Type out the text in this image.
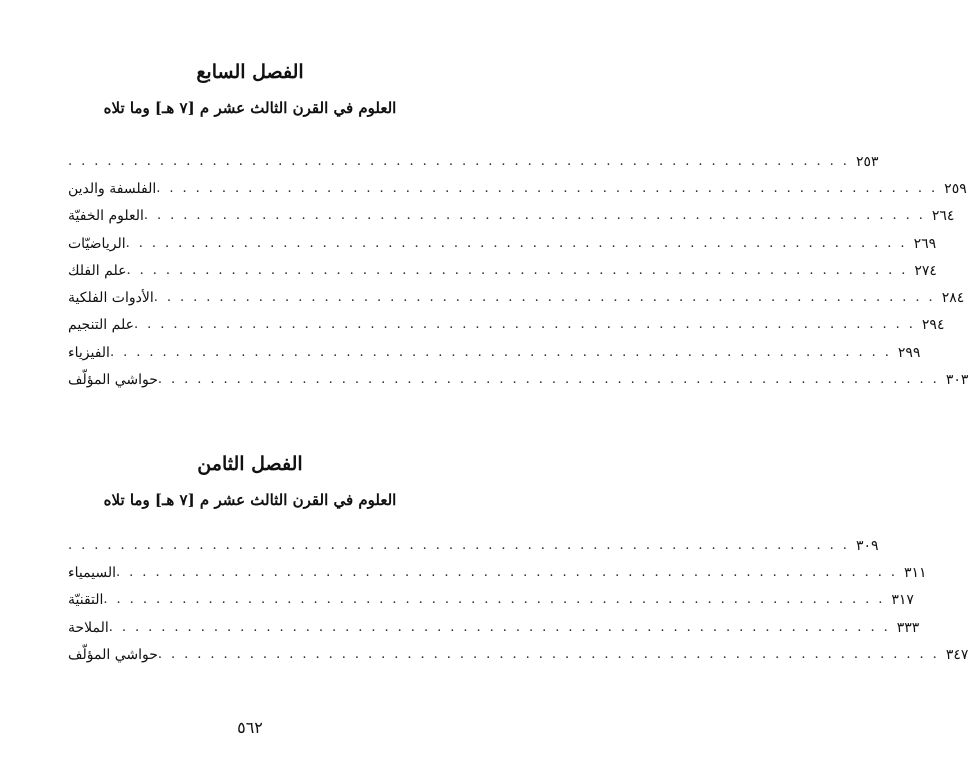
الفصل السابع
العلوم في القرن الثالث عشر م [٧ هـ] وما تلاه
............................................................ ٢٥٣
الفلسفة والدين ............................................................ ٢٥٩
العلوم الخفيّة ............................................................ ٢٦٤
الرياضيّات ............................................................ ٢٦٩
علم الفلك ............................................................ ٢٧٤
الأدوات الفلكية ............................................................ ٢٨٤
علم التنجيم ............................................................ ٢٩٤
الفيزياء ............................................................ ٢٩٩
حواشي المؤلّف ............................................................ ٣٠٣
الفصل الثامن
العلوم في القرن الثالث عشر م [٧ هـ] وما تلاه
............................................................ ٣٠٩
السيمياء ............................................................ ٣١١
التقنيّة ............................................................ ٣١٧
الملاحة ............................................................ ٣٣٣
حواشي المؤلّف ............................................................ ٣٤٧
٥٦٢
